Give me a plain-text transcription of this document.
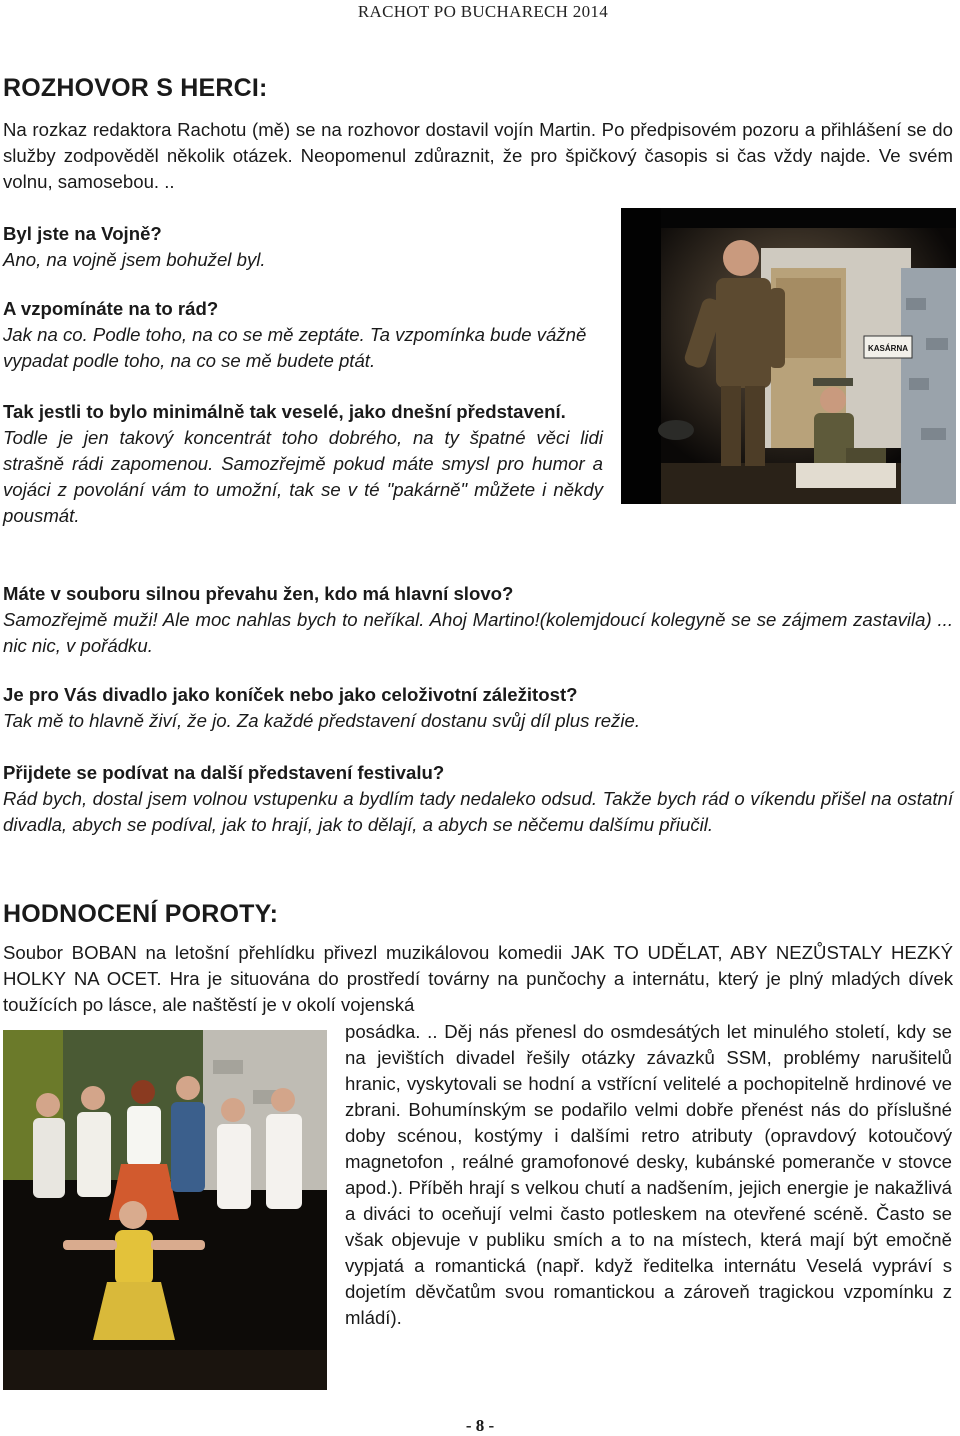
RACHOT PO BUCHARECH 2014
ROZHOVOR S HERCI:
Na rozkaz redaktora Rachotu (mě) se na rozhovor dostavil vojín Martin. Po předpisovém pozoru a přihlášení se do služby zodpověděl několik otázek. Neopomenul zdůraznit, že pro špičkový časopis si čas vždy najde. Ve svém volnu, samosebou. ..
KASÁRNA
Byl jste na Vojně?
Ano, na vojně jsem bohužel byl.
A vzpomínáte na to rád?
Jak na co. Podle toho, na co se mě zeptáte. Ta vzpomínka bude vážně vypadat podle toho, na co se mě budete ptát.
Tak jestli to bylo minimálně tak veselé, jako dnešní představení.
Todle je jen takový koncentrát toho dobrého, na ty špatné věci lidi strašně rádi zapomenou. Samozřejmě pokud máte smysl pro humor a vojáci z povolání vám to umožní, tak se v té "pakárně" můžete i někdy pousmát.
Máte v souboru silnou převahu žen, kdo má hlavní slovo?
Samozřejmě muži! Ale moc nahlas bych to neříkal. Ahoj Martino!(kolemjdoucí kolegyně se se zájmem zastavila) ... nic nic, v pořádku.
Je pro Vás divadlo jako koníček nebo jako celoživotní záležitost?
Tak mě to hlavně živí, že jo. Za každé představení dostanu svůj díl plus režie.
Přijdete se podívat na další představení festivalu?
Rád bych, dostal jsem volnou vstupenku a bydlím tady nedaleko odsud. Takže bych rád o víkendu přišel na ostatní divadla, abych se podíval, jak to hrají, jak to dělají, a abych se něčemu dalšímu přiučil.
HODNOCENÍ POROTY:
Soubor BOBAN na letošní přehlídku přivezl muzikálovou komedii JAK TO UDĚLAT, ABY NEZŮSTALY HEZKÝ HOLKY NA OCET. Hra je situována do prostředí továrny na punčochy a internátu, který je plný mladých dívek toužících po lásce, ale naštěstí je v okolí vojenská
posádka. .. Děj nás přenesl do osmdesátých let minulého století, kdy se na jevištích divadel řešily otázky závazků SSM, problémy narušitelů hranic, vyskytovali se hodní a vstřícní velitelé a pochopitelně hrdinové ve zbrani. Bohumínským se podařilo velmi dobře přenést nás do příslušné doby scénou, kostýmy i dalšími retro atributy (opravdový kotoučový magnetofon , reálné gramofonové desky, kubánské pomeranče v stovce apod.). Příběh hrají s velkou chutí a nadšením, jejich energie je nakažlivá a diváci to oceňují velmi často potleskem na otevřené scéně. Často se však objevuje v publiku smích a to na místech, která mají být emočně vypjatá a romantická (např. když ředitelka internátu Veselá vypráví s dojetím děvčatům svou romantickou a zároveň tragickou vzpomínku z mládí).
- 8 -
